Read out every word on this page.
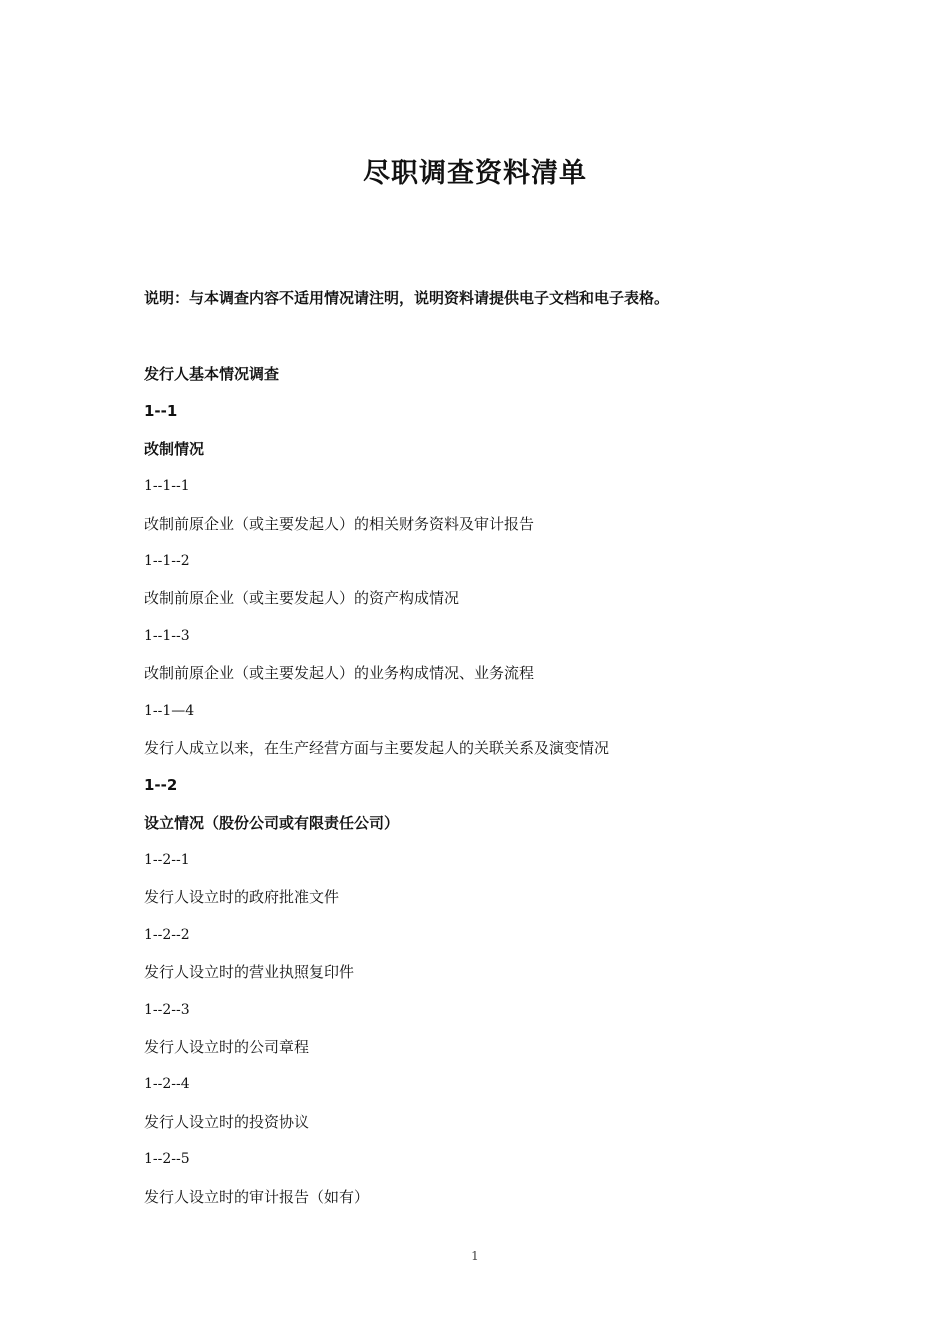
尽职调查资料清单
说明：与本调查内容不适用情况请注明，说明资料请提供电子文档和电子表格。
发行人基本情况调查
1--1
改制情况
1--1--1
改制前原企业（或主要发起人）的相关财务资料及审计报告
1--1--2
改制前原企业（或主要发起人）的资产构成情况
1--1--3
改制前原企业（或主要发起人）的业务构成情况、业务流程
1--1—4
发行人成立以来，在生产经营方面与主要发起人的关联关系及演变情况
1--2
设立情况（股份公司或有限责任公司）
1--2--1
发行人设立时的政府批准文件
1--2--2
发行人设立时的营业执照复印件
1--2--3
发行人设立时的公司章程
1--2--4
发行人设立时的投资协议
1--2--5
发行人设立时的审计报告（如有）
1
